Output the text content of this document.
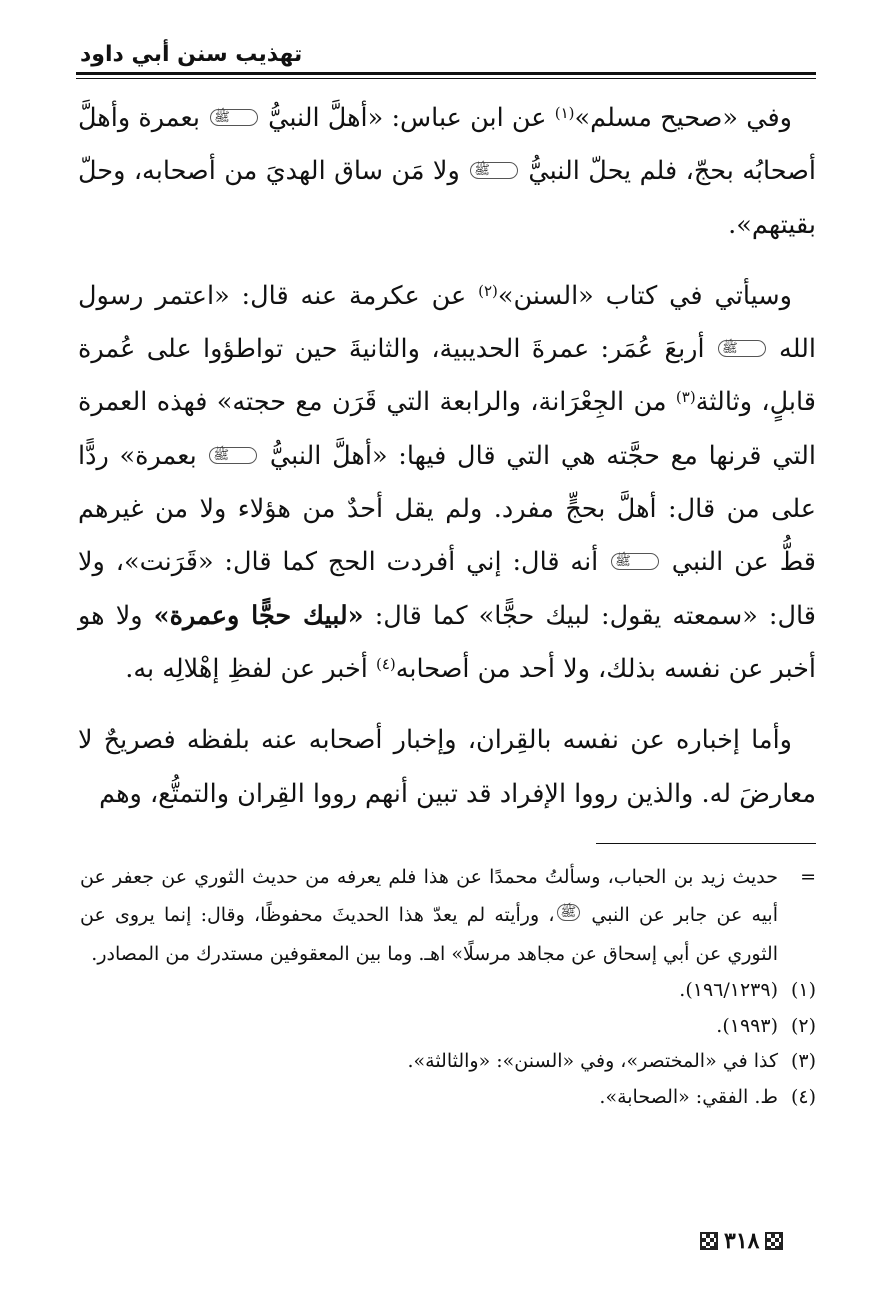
تهذيب سنن أبي داود

وفي «صحيح مسلم»$^{(١)}$ عن ابن عباس: «أهلَّ النبيُّ ﷺ بعمرة وأهلَّ أصحابُه بحجّ، فلم يحلّ النبيُّ ﷺ ولا مَن ساق الهديَ من أصحابه، وحلّ بقيتهم».

وسيأتي في كتاب «السنن»$^{(٢)}$ عن عكرمة عنه قال: «اعتمر رسول الله ﷺ أربعَ عُمَر: عمرةَ الحديبية، والثانيةَ حين تواطؤوا على عُمرة قابلٍ، وثالثة$^{(٣)}$ من الجِعْرَانة، والرابعة التي قَرَن مع حجته» فهذه العمرة التي قرنها مع حجَّته هي التي قال فيها: «أهلَّ النبيُّ ﷺ بعمرة» ردًّا على من قال: أهلَّ بحجٍّ مفرد. ولم يقل أحدٌ من هؤلاء ولا من غيرهم قطُّ عن النبي ﷺ أنه قال: إني أفردت الحج كما قال: «قَرَنت»، ولا قال: «سمعته يقول: لبيك حجًّا» كما قال: «لبيك حجًّا وعمرة» ولا هو أخبر عن نفسه بذلك، ولا أحد من أصحابه$^{(٤)}$ أخبر عن لفظِ إهْلالِه به.

وأما إخباره عن نفسه بالقِران، وإخبار أصحابه عنه بلفظه فصريحٌ لا معارضَ له. والذين رووا الإفراد قد تبين أنهم رووا القِران والتمتُّع، وهم

=
حديث زيد بن الحباب، وسألتُ محمدًا عن هذا فلم يعرفه من حديث الثوري عن جعفر عن أبيه عن جابر عن النبي ﷺ، ورأيته لم يعدّ هذا الحديثَ محفوظًا، وقال: إنما يروى عن الثوري عن أبي إسحاق عن مجاهد مرسلًا» اهـ. وما بين المعقوفين مستدرك من المصادر.

(١)
(١٩٦/١٢٣٩).

(٢)
(١٩٩٣).

(٣)
كذا في «المختصر»، وفي «السنن»: «والثالثة».

(٤)
ط. الفقي: «الصحابة».

٣١٨
